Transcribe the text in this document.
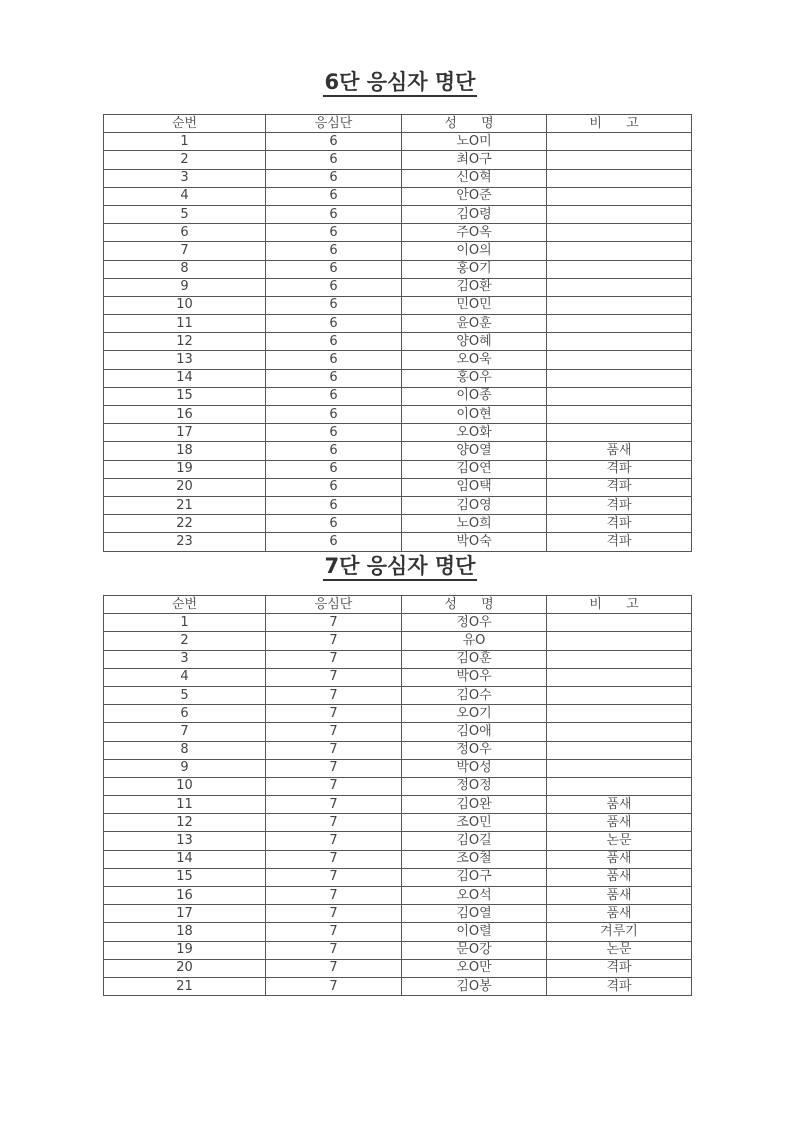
6단 응심자 명단
순번	응심단	성 명	비 고
1	6	노O미	
2	6	최O구	
3	6	신O혁	
4	6	안O준	
5	6	김O령	
6	6	주O옥	
7	6	이O의	
8	6	홍O기	
9	6	김O환	
10	6	민O민	
11	6	윤O훈	
12	6	양O혜	
13	6	오O욱	
14	6	홍O우	
15	6	이O종	
16	6	이O현	
17	6	오O화	
18	6	양O열	품새
19	6	김O연	격파
20	6	임O택	격파
21	6	김O영	격파
22	6	노O희	격파
23	6	박O숙	격파
7단 응심자 명단
순번	응심단	성 명	비 고
1	7	정O우	
2	7	유O	
3	7	김O훈	
4	7	박O우	
5	7	김O수	
6	7	오O기	
7	7	김O애	
8	7	정O우	
9	7	박O성	
10	7	정O정	
11	7	김O완	품새
12	7	조O민	품새
13	7	김O길	논문
14	7	조O철	품새
15	7	김O구	품새
16	7	오O석	품새
17	7	김O열	품새
18	7	이O렬	겨루기
19	7	문O강	논문
20	7	오O만	격파
21	7	김O봉	격파
